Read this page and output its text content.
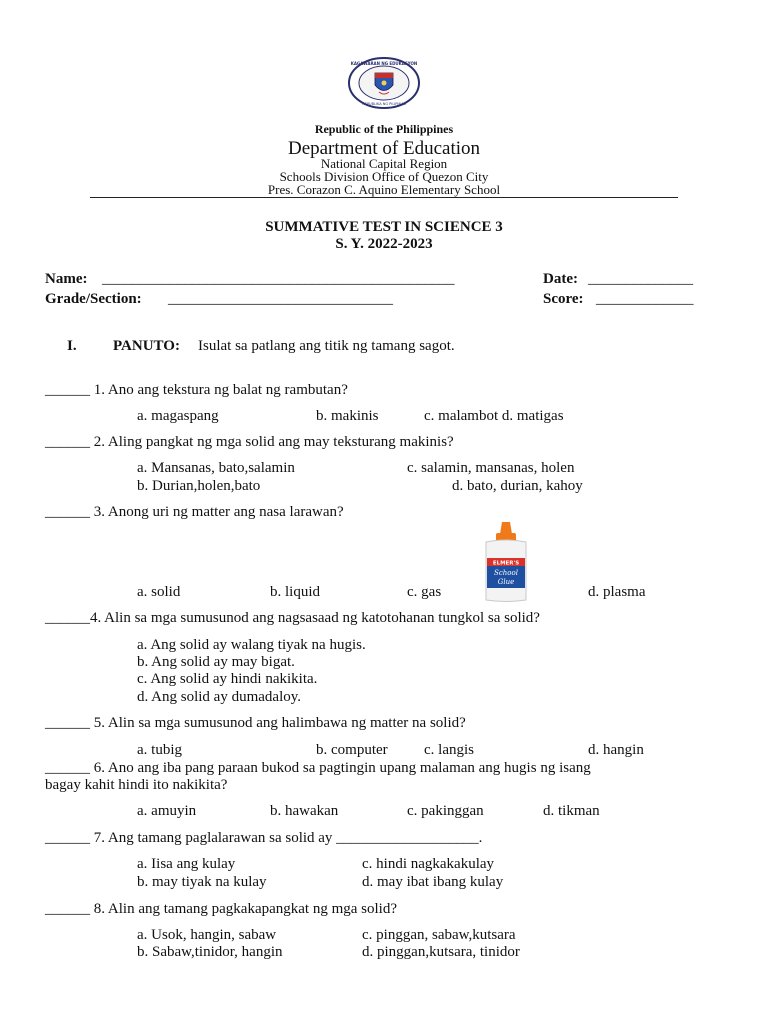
KAGAWARAN NG EDUKASYON
REPUBLIKA NG PILIPINAS
Republic of the Philippines
Department of Education
National Capital Region
Schools Division Office of Quezon City
Pres. Corazon C. Aquino Elementary School
SUMMATIVE TEST IN SCIENCE 3
S. Y. 2022-2023
Name: _______________________________________________	Date: ______________
Grade/Section: ______________________________	Score: _____________
I. PANUTO: Isulat sa patlang ang titik ng tamang sagot.
______ 1. Ano ang tekstura ng balat ng rambutan?
a. magaspang	b. makinis	c. malambot d. matigas
______ 2. Aling pangkat ng mga solid ang may teksturang makinis?
a. Mansanas, bato,salamin	c. salamin, mansanas, holen
b. Durian,holen,bato	d. bato, durian, kahoy
______ 3. Anong uri ng matter ang nasa larawan?
a. solid	b. liquid	c. gas	d. plasma
ELMER'S
School
Glue
______4. Alin sa mga sumusunod ang nagsasaad ng katotohanan tungkol sa solid?
a. Ang solid ay walang tiyak na hugis.
b. Ang solid ay may bigat.
c. Ang solid ay hindi nakikita.
d. Ang solid ay dumadaloy.
______ 5. Alin sa mga sumusunod ang halimbawa ng matter na solid?
a. tubig	b. computer c. langis	d. hangin
______ 6. Ano ang iba pang paraan bukod sa pagtingin upang malaman ang hugis ng isang
bagay kahit hindi ito nakikita?
a. amuyin	b. hawakan	c. pakinggan	d. tikman
______ 7. Ang tamang paglalarawan sa solid ay ___________________.
a. Iisa ang kulay	c. hindi nagkakakulay
b. may tiyak na kulay	d. may ibat ibang kulay
______ 8. Alin ang tamang pagkakapangkat ng mga solid?
a. Usok, hangin, sabaw	c. pinggan, sabaw,kutsara
b. Sabaw,tinidor, hangin	d. pinggan,kutsara, tinidor
